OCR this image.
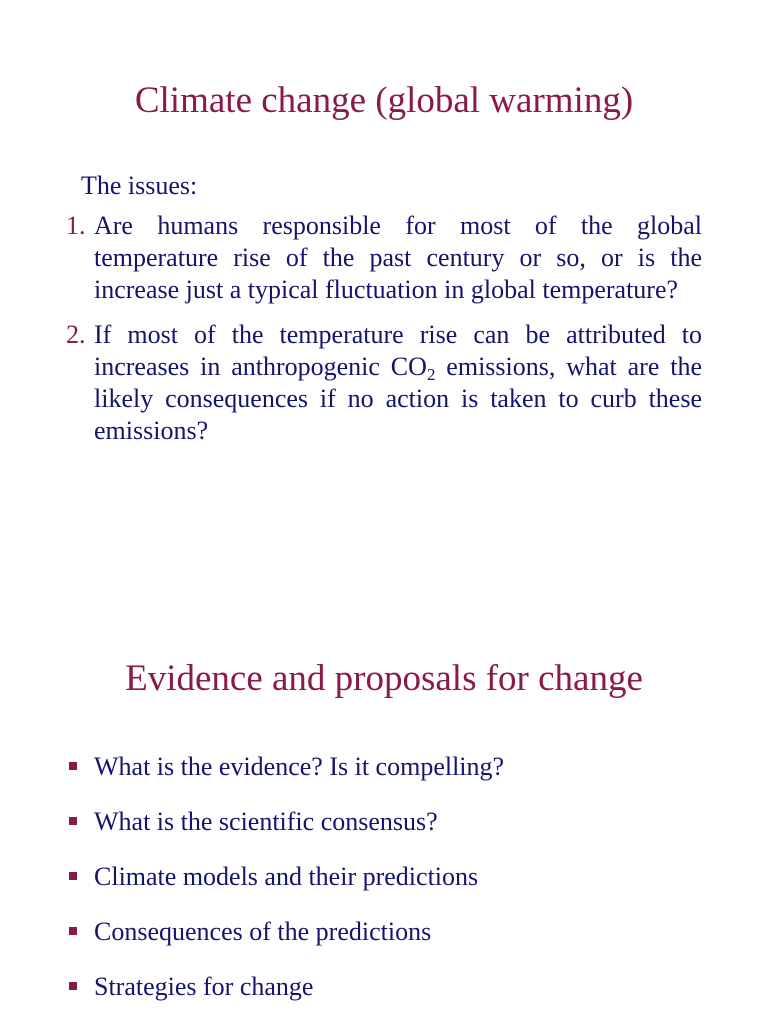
Climate change (global warming)
The issues:
1. Are humans responsible for most of the global temperature rise of the past century or so, or is the increase just a typical fluctuation in global temperature?
2. If most of the temperature rise can be attributed to increases in anthropogenic $CO_2$ emissions, what are the likely consequences if no action is taken to curb these emissions?
Evidence and proposals for change
What is the evidence? Is it compelling?
What is the scientific consensus?
Climate models and their predictions
Consequences of the predictions
Strategies for change
